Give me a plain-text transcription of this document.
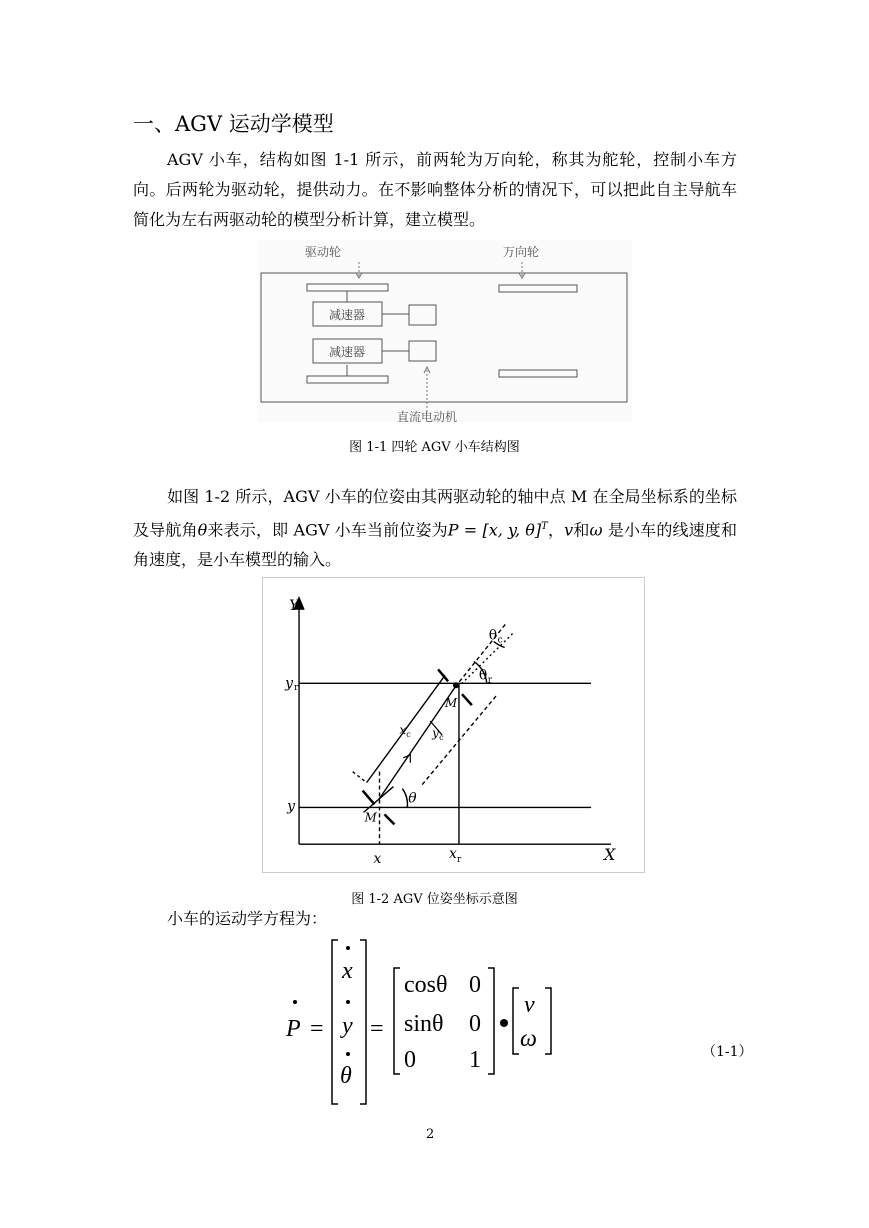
一、AGV 运动学模型
AGV 小车，结构如图 1-1 所示，前两轮为万向轮，称其为舵轮，控制小车方向。后两轮为驱动轮，提供动力。在不影响整体分析的情况下，可以把此自主导航车简化为左右两驱动轮的模型分析计算，建立模型。
驱动轮	万向轮
减速器
减速器
直流电动机
图 1-1 四轮 AGV 小车结构图
如图 1-2 所示，AGV 小车的位姿由其两驱动轮的轴中点 M 在全局坐标系的坐标及导航角θ来表示，即 AGV 小车当前位姿为P = [x, y, θ]$^T$，v和ω 是小车的线速度和角速度，是小车模型的输入。
Y
X
y r
y
x	x r
M
M
θ
θ r
θ c
x c y c
图 1-2 AGV 位姿坐标示意图
小车的运动学方程为：
P =
x
y
θ
=
cosθ 0
sinθ 0
0 1
v
ω	（1-1）
2
